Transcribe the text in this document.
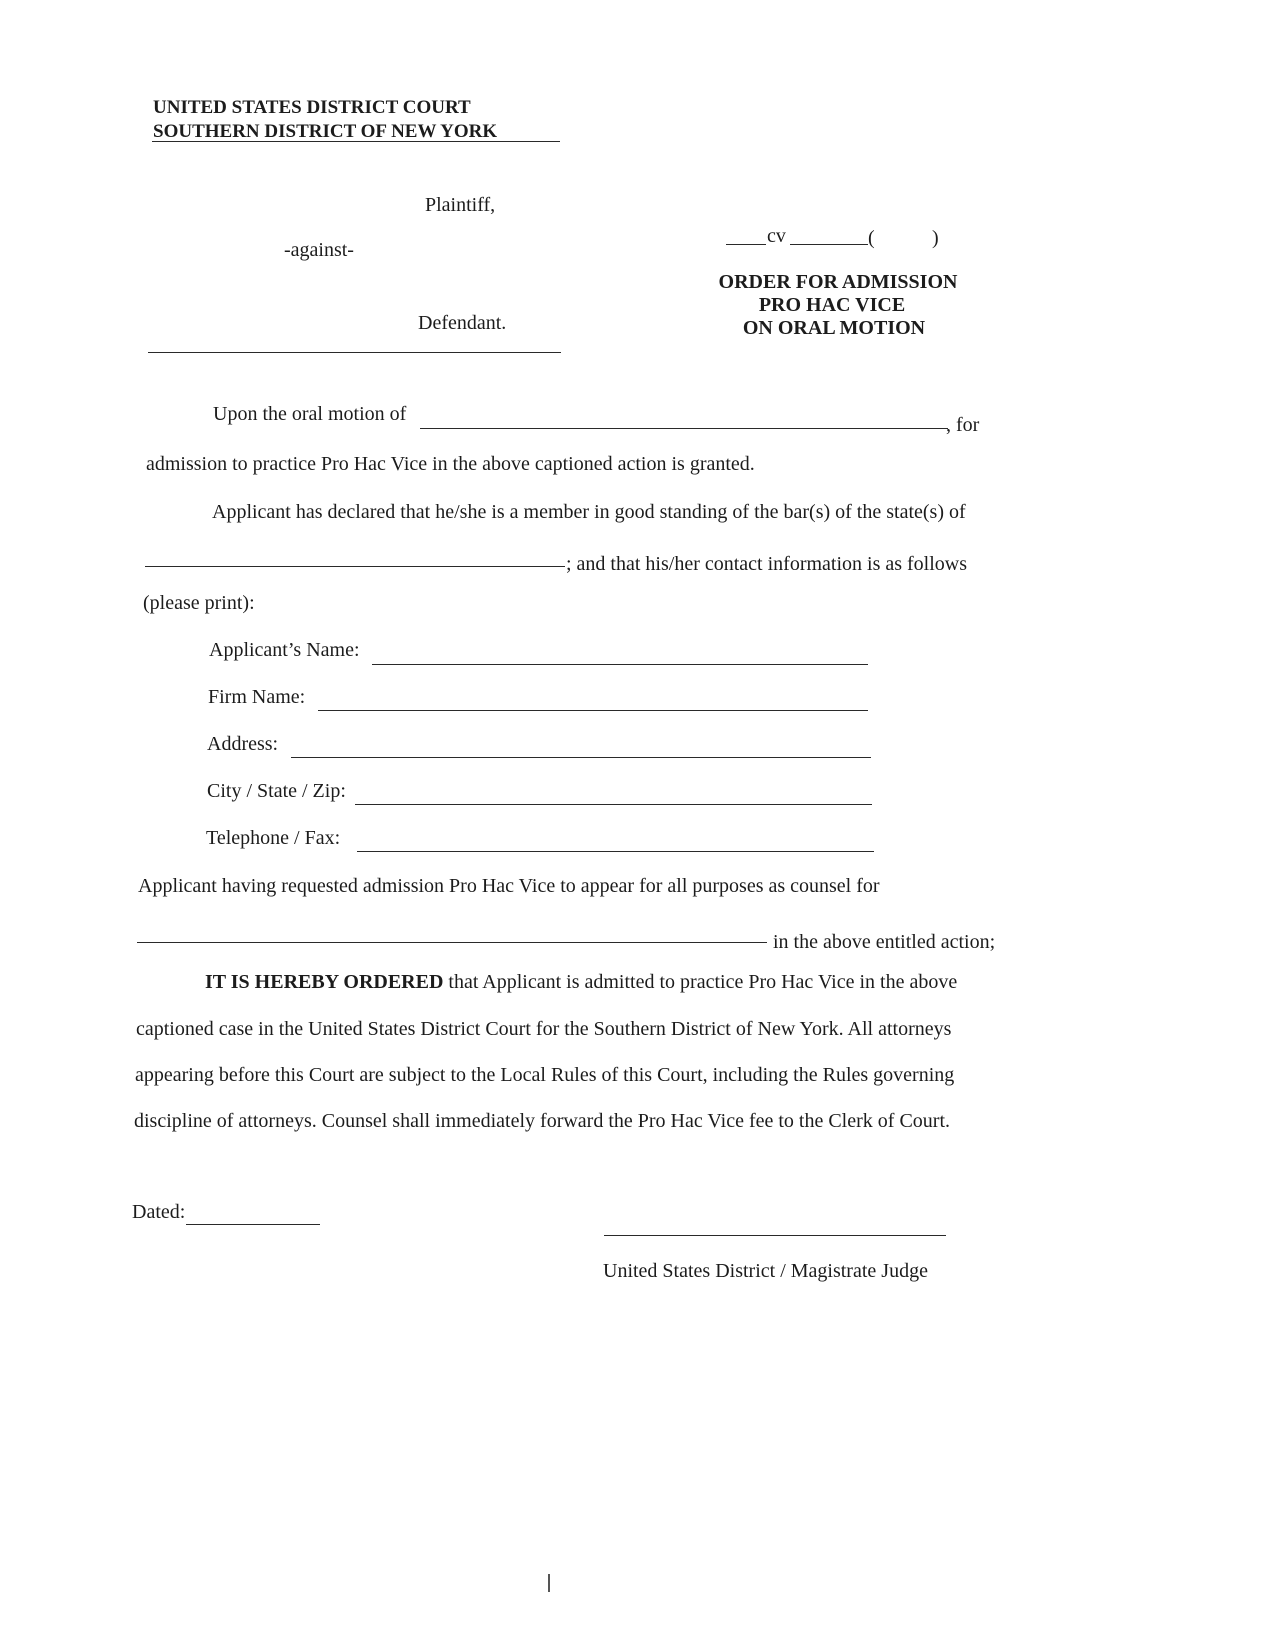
UNITED STATES DISTRICT COURT
SOUTHERN DISTRICT OF NEW YORK
Plaintiff,
-against-
Defendant.
cv	(	)
ORDER FOR ADMISSION
PRO HAC VICE
ON ORAL MOTION
Upon the oral motion of	, for
admission to practice Pro Hac Vice in the above captioned action is granted.
Applicant has declared that he/she is a member in good standing of the bar(s) of the state(s) of
; and that his/her contact information is as follows
(please print):
Applicant’s Name:
Firm Name:
Address:
City / State / Zip:
Telephone / Fax:
Applicant having requested admission Pro Hac Vice to appear for all purposes as counsel for
in the above entitled action;
IT IS HEREBY ORDERED that Applicant is admitted to practice Pro Hac Vice in the above
captioned case in the United States District Court for the Southern District of New York. All attorneys
appearing before this Court are subject to the Local Rules of this Court, including the Rules governing
discipline of attorneys. Counsel shall immediately forward the Pro Hac Vice fee to the Clerk of Court.
Dated:
United States District / Magistrate Judge
